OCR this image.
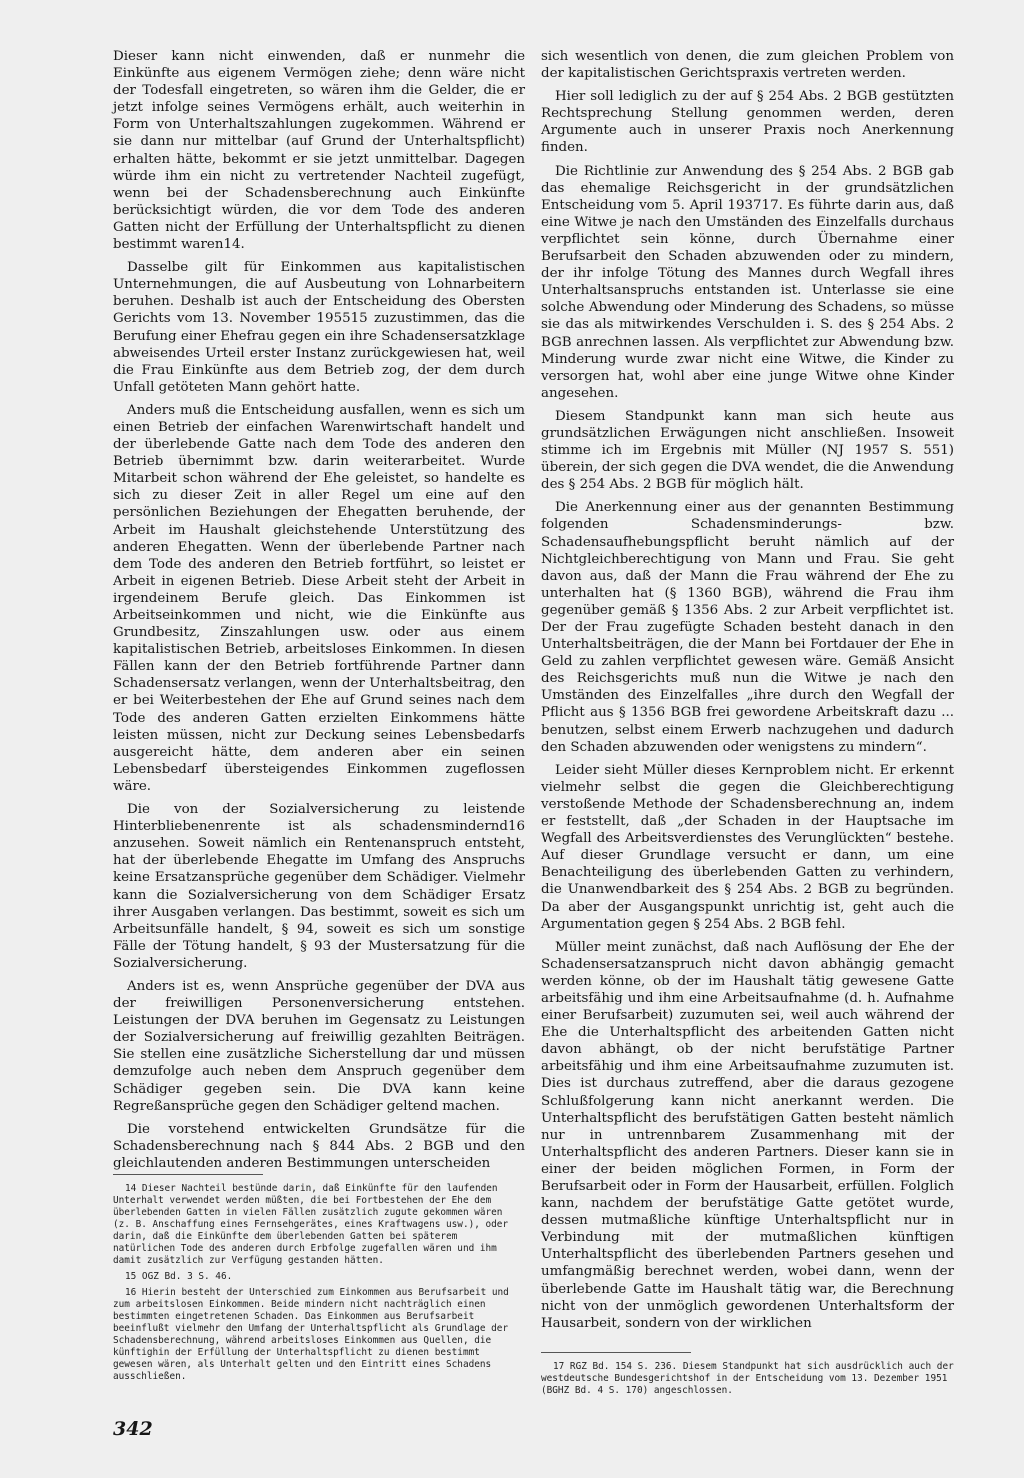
Dieser kann nicht einwenden, daß er nunmehr die Einkünfte aus eigenem Vermögen ziehe; denn wäre nicht der Todesfall eingetreten, so wären ihm die Gelder, die er jetzt infolge seines Vermögens erhält, auch weiterhin in Form von Unterhaltszahlungen zugekommen. Während er sie dann nur mittelbar (auf Grund der Unterhaltspflicht) erhalten hätte, bekommt er sie jetzt unmittelbar. Dagegen würde ihm ein nicht zu vertretender Nachteil zugefügt, wenn bei der Schadensberechnung auch Einkünfte berücksichtigt würden, die vor dem Tode des anderen Gatten nicht der Erfüllung der Unterhaltspflicht zu dienen bestimmt waren14.

Dasselbe gilt für Einkommen aus kapitalistischen Unternehmungen, die auf Ausbeutung von Lohnarbeitern beruhen. Deshalb ist auch der Entscheidung des Obersten Gerichts vom 13. November 195515 zuzustimmen, das die Berufung einer Ehefrau gegen ein ihre Schadensersatzklage abweisendes Urteil erster Instanz zurückgewiesen hat, weil die Frau Einkünfte aus dem Betrieb zog, der dem durch Unfall getöteten Mann gehört hatte.

Anders muß die Entscheidung ausfallen, wenn es sich um einen Betrieb der einfachen Warenwirtschaft handelt und der überlebende Gatte nach dem Tode des anderen den Betrieb übernimmt bzw. darin weiterarbeitet. Wurde Mitarbeit schon während der Ehe geleistet, so handelte es sich zu dieser Zeit in aller Regel um eine auf den persönlichen Beziehungen der Ehegatten beruhende, der Arbeit im Haushalt gleichstehende Unterstützung des anderen Ehegatten. Wenn der überlebende Partner nach dem Tode des anderen den Betrieb fortführt, so leistet er Arbeit in eigenen Betrieb. Diese Arbeit steht der Arbeit in irgendeinem Berufe gleich. Das Einkommen ist Arbeitseinkommen und nicht, wie die Einkünfte aus Grundbesitz, Zinszahlungen usw. oder aus einem kapitalistischen Betrieb, arbeitsloses Einkommen. In diesen Fällen kann der den Betrieb fortführende Partner dann Schadensersatz verlangen, wenn der Unterhaltsbeitrag, den er bei Weiterbestehen der Ehe auf Grund seines nach dem Tode des anderen Gatten erzielten Einkommens hätte leisten müssen, nicht zur Deckung seines Lebensbedarfs ausgereicht hätte, dem anderen aber ein seinen Lebensbedarf übersteigendes Einkommen zugeflossen wäre.

Die von der Sozialversicherung zu leistende Hinterbliebenenrente ist als schadensmindernd16 anzusehen. Soweit nämlich ein Rentenanspruch entsteht, hat der überlebende Ehegatte im Umfang des Anspruchs keine Ersatzansprüche gegenüber dem Schädiger. Vielmehr kann die Sozialversicherung von dem Schädiger Ersatz ihrer Ausgaben verlangen. Das bestimmt, soweit es sich um Arbeitsunfälle handelt, § 94, soweit es sich um sonstige Fälle der Tötung handelt, § 93 der Mustersatzung für die Sozialversicherung.

Anders ist es, wenn Ansprüche gegenüber der DVA aus der freiwilligen Personenversicherung entstehen. Leistungen der DVA beruhen im Gegensatz zu Leistungen der Sozialversicherung auf freiwillig gezahlten Beiträgen. Sie stellen eine zusätzliche Sicherstellung dar und müssen demzufolge auch neben dem Anspruch gegenüber dem Schädiger gegeben sein. Die DVA kann keine Regreßansprüche gegen den Schädiger geltend machen.

Die vorstehend entwickelten Grundsätze für die Schadensberechnung nach § 844 Abs. 2 BGB und den gleichlautenden anderen Bestimmungen unterscheiden

14 Dieser Nachteil bestünde darin, daß Einkünfte für den laufenden Unterhalt verwendet werden müßten, die bei Fortbestehen der Ehe dem überlebenden Gatten in vielen Fällen zusätzlich zugute gekommen wären (z. B. Anschaffung eines Fernsehgerätes, eines Kraftwagens usw.), oder darin, daß die Einkünfte dem überlebenden Gatten bei späterem natürlichen Tode des anderen durch Erbfolge zugefallen wären und ihm damit zusätzlich zur Verfügung gestanden hätten.

15 OGZ Bd. 3 S. 46.

16 Hierin besteht der Unterschied zum Einkommen aus Berufsarbeit und zum arbeitslosen Einkommen. Beide mindern nicht nachträglich einen bestimmten eingetretenen Schaden. Das Einkommen aus Berufsarbeit beeinflußt vielmehr den Umfang der Unterhaltspflicht als Grundlage der Schadensberechnung, während arbeitsloses Einkommen aus Quellen, die künftighin der Erfüllung der Unterhaltspflicht zu dienen bestimmt gewesen wären, als Unterhalt gelten und den Eintritt eines Schadens ausschließen.

sich wesentlich von denen, die zum gleichen Problem von der kapitalistischen Gerichtspraxis vertreten werden.

Hier soll lediglich zu der auf § 254 Abs. 2 BGB gestützten Rechtsprechung Stellung genommen werden, deren Argumente auch in unserer Praxis noch Anerkennung finden.

Die Richtlinie zur Anwendung des § 254 Abs. 2 BGB gab das ehemalige Reichsgericht in der grundsätzlichen Entscheidung vom 5. April 193717. Es führte darin aus, daß eine Witwe je nach den Umständen des Einzelfalls durchaus verpflichtet sein könne, durch Übernahme einer Berufsarbeit den Schaden abzuwenden oder zu mindern, der ihr infolge Tötung des Mannes durch Wegfall ihres Unterhaltsanspruchs entstanden ist. Unterlasse sie eine solche Abwendung oder Minderung des Schadens, so müsse sie das als mitwirkendes Verschulden i. S. des § 254 Abs. 2 BGB anrechnen lassen. Als verpflichtet zur Abwendung bzw. Minderung wurde zwar nicht eine Witwe, die Kinder zu versorgen hat, wohl aber eine junge Witwe ohne Kinder angesehen.

Diesem Standpunkt kann man sich heute aus grundsätzlichen Erwägungen nicht anschließen. Insoweit stimme ich im Ergebnis mit Müller (NJ 1957 S. 551) überein, der sich gegen die DVA wendet, die die Anwendung des § 254 Abs. 2 BGB für möglich hält.

Die Anerkennung einer aus der genannten Bestimmung folgenden Schadensminderungs- bzw. Schadensaufhebungspflicht beruht nämlich auf der Nichtgleichberechtigung von Mann und Frau. Sie geht davon aus, daß der Mann die Frau während der Ehe zu unterhalten hat (§ 1360 BGB), während die Frau ihm gegenüber gemäß § 1356 Abs. 2 zur Arbeit verpflichtet ist. Der der Frau zugefügte Schaden besteht danach in den Unterhaltsbeiträgen, die der Mann bei Fortdauer der Ehe in Geld zu zahlen verpflichtet gewesen wäre. Gemäß Ansicht des Reichsgerichts muß nun die Witwe je nach den Umständen des Einzelfalles „ihre durch den Wegfall der Pflicht aus § 1356 BGB frei gewordene Arbeitskraft dazu ... benutzen, selbst einem Erwerb nachzugehen und dadurch den Schaden abzuwenden oder wenigstens zu mindern“.

Leider sieht Müller dieses Kernproblem nicht. Er erkennt vielmehr selbst die gegen die Gleichberechtigung verstoßende Methode der Schadensberechnung an, indem er feststellt, daß „der Schaden in der Hauptsache im Wegfall des Arbeitsverdienstes des Verunglückten“ bestehe. Auf dieser Grundlage versucht er dann, um eine Benachteiligung des überlebenden Gatten zu verhindern, die Unanwendbarkeit des § 254 Abs. 2 BGB zu begründen. Da aber der Ausgangspunkt unrichtig ist, geht auch die Argumentation gegen § 254 Abs. 2 BGB fehl.

Müller meint zunächst, daß nach Auflösung der Ehe der Schadensersatzanspruch nicht davon abhängig gemacht werden könne, ob der im Haushalt tätig gewesene Gatte arbeitsfähig und ihm eine Arbeitsaufnahme (d. h. Aufnahme einer Berufsarbeit) zuzumuten sei, weil auch während der Ehe die Unterhaltspflicht des arbeitenden Gatten nicht davon abhängt, ob der nicht berufstätige Partner arbeitsfähig und ihm eine Arbeitsaufnahme zuzumuten ist. Dies ist durchaus zutreffend, aber die daraus gezogene Schlußfolgerung kann nicht anerkannt werden. Die Unterhaltspflicht des berufstätigen Gatten besteht nämlich nur in untrennbarem Zusammenhang mit der Unterhaltspflicht des anderen Partners. Dieser kann sie in einer der beiden möglichen Formen, in Form der Berufsarbeit oder in Form der Hausarbeit, erfüllen. Folglich kann, nachdem der berufstätige Gatte getötet wurde, dessen mutmaßliche künftige Unterhaltspflicht nur in Verbindung mit der mutmaßlichen künftigen Unterhaltspflicht des überlebenden Partners gesehen und umfangmäßig berechnet werden, wobei dann, wenn der überlebende Gatte im Haushalt tätig war, die Berechnung nicht von der unmöglich gewordenen Unterhaltsform der Hausarbeit, sondern von der wirklichen

17 RGZ Bd. 154 S. 236. Diesem Standpunkt hat sich ausdrücklich auch der westdeutsche Bundesgerichtshof in der Entscheidung vom 13. Dezember 1951 (BGHZ Bd. 4 S. 170) angeschlossen.

342
